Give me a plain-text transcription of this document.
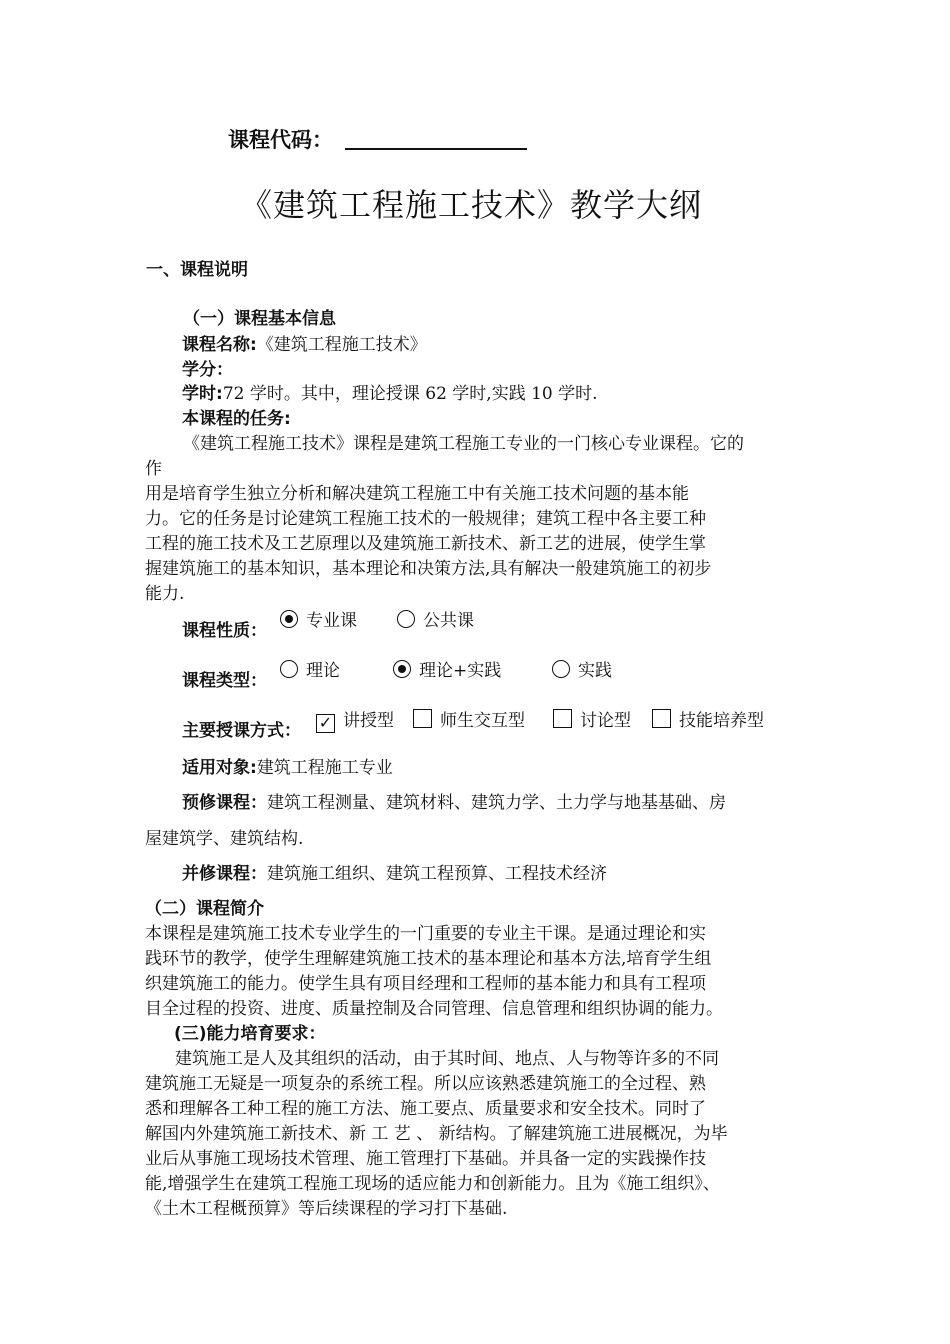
课程代码：
《建筑工程施工技术》教学大纲
一、课程说明
（一）课程基本信息
课程名称:《建筑工程施工技术》
学分：
学时:72 学时。其中，理论授课 62 学时,实践 10 学时.
本课程的任务:
《建筑工程施工技术》课程是建筑工程施工专业的一门核心专业课程。它的
作
用是培育学生独立分析和解决建筑工程施工中有关施工技术问题的基本能
力。它的任务是讨论建筑工程施工技术的一般规律；建筑工程中各主要工种
工程的施工技术及工艺原理以及建筑施工新技术、新工艺的进展，使学生掌
握建筑施工的基本知识，基本理论和决策方法,具有解决一般建筑施工的初步
能力.
课程性质：	专业课	公共课
课程类型：	理论	理论+实践	实践
主要授课方式： ✓ 讲授型	师生交互型	讨论型	技能培养型
适用对象:建筑工程施工专业
预修课程：建筑工程测量、建筑材料、建筑力学、土力学与地基基础、房
屋建筑学、建筑结构.
并修课程：建筑施工组织、建筑工程预算、工程技术经济
（二）课程简介
本课程是建筑施工技术专业学生的一门重要的专业主干课。是通过理论和实
践环节的教学，使学生理解建筑施工技术的基本理论和基本方法,培育学生组
织建筑施工的能力。使学生具有项目经理和工程师的基本能力和具有工程项
目全过程的投资、进度、质量控制及合同管理、信息管理和组织协调的能力。
(三)能力培育要求：
建筑施工是人及其组织的活动，由于其时间、地点、人与物等许多的不同
建筑施工无疑是一项复杂的系统工程。所以应该熟悉建筑施工的全过程、熟
悉和理解各工种工程的施工方法、施工要点、质量要求和安全技术。同时了
解国内外建筑施工新技术、新 工 艺 、 新结构。了解建筑施工进展概况，为毕
业后从事施工现场技术管理、施工管理打下基础。并具备一定的实践操作技
能,增强学生在建筑工程施工现场的适应能力和创新能力。且为《施工组织》、
《土木工程概预算》等后续课程的学习打下基础.
